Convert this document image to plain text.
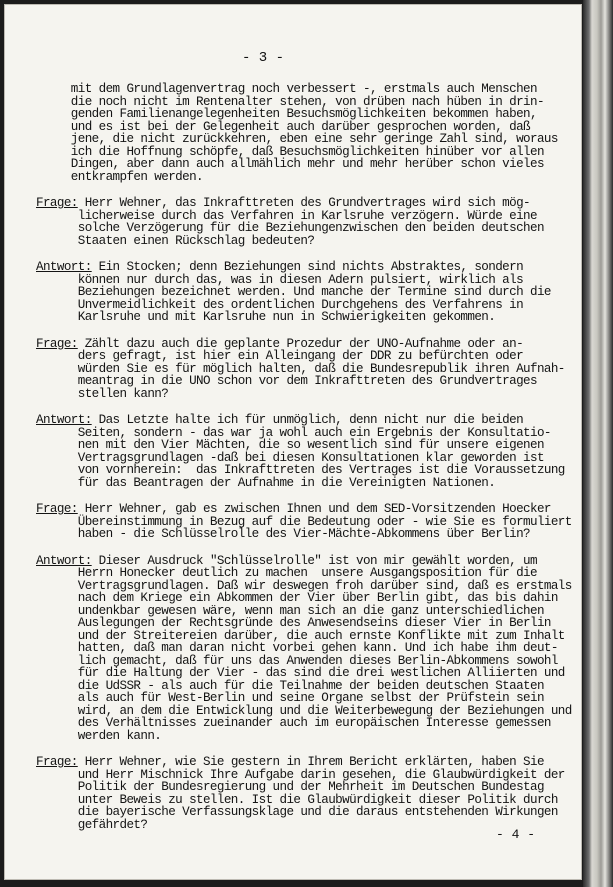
- 3 -

mit dem Grundlagenvertrag noch verbessert -, erstmals auch Menschen
die noch nicht im Rentenalter stehen, von drüben nach hüben in drin-
genden Familienangelegenheiten Besuchsmöglichkeiten bekommen haben,
und es ist bei der Gelegenheit auch darüber gesprochen worden, daß
jene, die nicht zurückkehren, eben eine sehr geringe Zahl sind, woraus
ich die Hoffnung schöpfe, daß Besuchsmöglichkeiten hinüber vor allen
Dingen, aber dann auch allmählich mehr und mehr herüber schon vieles
entkrampfen werden.
Frage: Herr Wehner, das Inkrafttreten des Grundvertrages wird sich mög-
licherweise durch das Verfahren in Karlsruhe verzögern. Würde eine
solche Verzögerung für die Beziehungenzwischen den beiden deutschen
Staaten einen Rückschlag bedeuten?
Antwort: Ein Stocken; denn Beziehungen sind nichts Abstraktes, sondern
können nur durch das, was in diesen Adern pulsiert, wirklich als
Beziehungen bezeichnet werden. Und manche der Termine sind durch die
Unvermeidlichkeit des ordentlichen Durchgehens des Verfahrens in
Karlsruhe und mit Karlsruhe nun in Schwierigkeiten gekommen.
Frage: Zählt dazu auch die geplante Prozedur der UNO-Aufnahme oder an-
ders gefragt, ist hier ein Alleingang der DDR zu befürchten oder
würden Sie es für möglich halten, daß die Bundesrepublik ihren Aufnah-
meantrag in die UNO schon vor dem Inkrafttreten des Grundvertrages
stellen kann?
Antwort: Das Letzte halte ich für unmöglich, denn nicht nur die beiden
Seiten, sondern - das war ja wohl auch ein Ergebnis der Konsultatio-
nen mit den Vier Mächten, die so wesentlich sind für unsere eigenen
Vertragsgrundlagen -daß bei diesen Konsultationen klar geworden ist
von vornherein:  das Inkrafttreten des Vertrages ist die Voraussetzung
für das Beantragen der Aufnahme in die Vereinigten Nationen.
Frage: Herr Wehner, gab es zwischen Ihnen und dem SED-Vorsitzenden Hoecker
Übereinstimmung in Bezug auf die Bedeutung oder - wie Sie es formuliert
haben - die Schlüsselrolle des Vier-Mächte-Abkommens über Berlin?
Antwort: Dieser Ausdruck "Schlüsselrolle" ist von mir gewählt worden, um
Herrn Honecker deutlich zu machen  unsere Ausgangsposition für die
Vertragsgrundlagen. Daß wir deswegen froh darüber sind, daß es erstmals
nach dem Kriege ein Abkommen der Vier über Berlin gibt, das bis dahin
undenkbar gewesen wäre, wenn man sich an die ganz unterschiedlichen
Auslegungen der Rechtsgründe des Anwesendseins dieser Vier in Berlin
und der Streitereien darüber, die auch ernste Konflikte mit zum Inhalt
hatten, daß man daran nicht vorbei gehen kann. Und ich habe ihm deut-
lich gemacht, daß für uns das Anwenden dieses Berlin-Abkommens sowohl
für die Haltung der Vier - das sind die drei westlichen Alliierten und
die UdSSR - als auch für die Teilnahme der beiden deutschen Staaten
als auch für West-Berlin und seine Organe selbst der Prüfstein sein
wird, an dem die Entwicklung und die Weiterbewegung der Beziehungen und
des Verhältnisses zueinander auch im europäischen Interesse gemessen
werden kann.
Frage: Herr Wehner, wie Sie gestern in Ihrem Bericht erklärten, haben Sie
und Herr Mischnick Ihre Aufgabe darin gesehen, die Glaubwürdigkeit der
Politik der Bundesregierung und der Mehrheit im Deutschen Bundestag
unter Beweis zu stellen. Ist die Glaubwürdigkeit dieser Politik durch
die bayerische Verfassungsklage und die daraus entstehenden Wirkungen
gefährdet?
- 4 -
